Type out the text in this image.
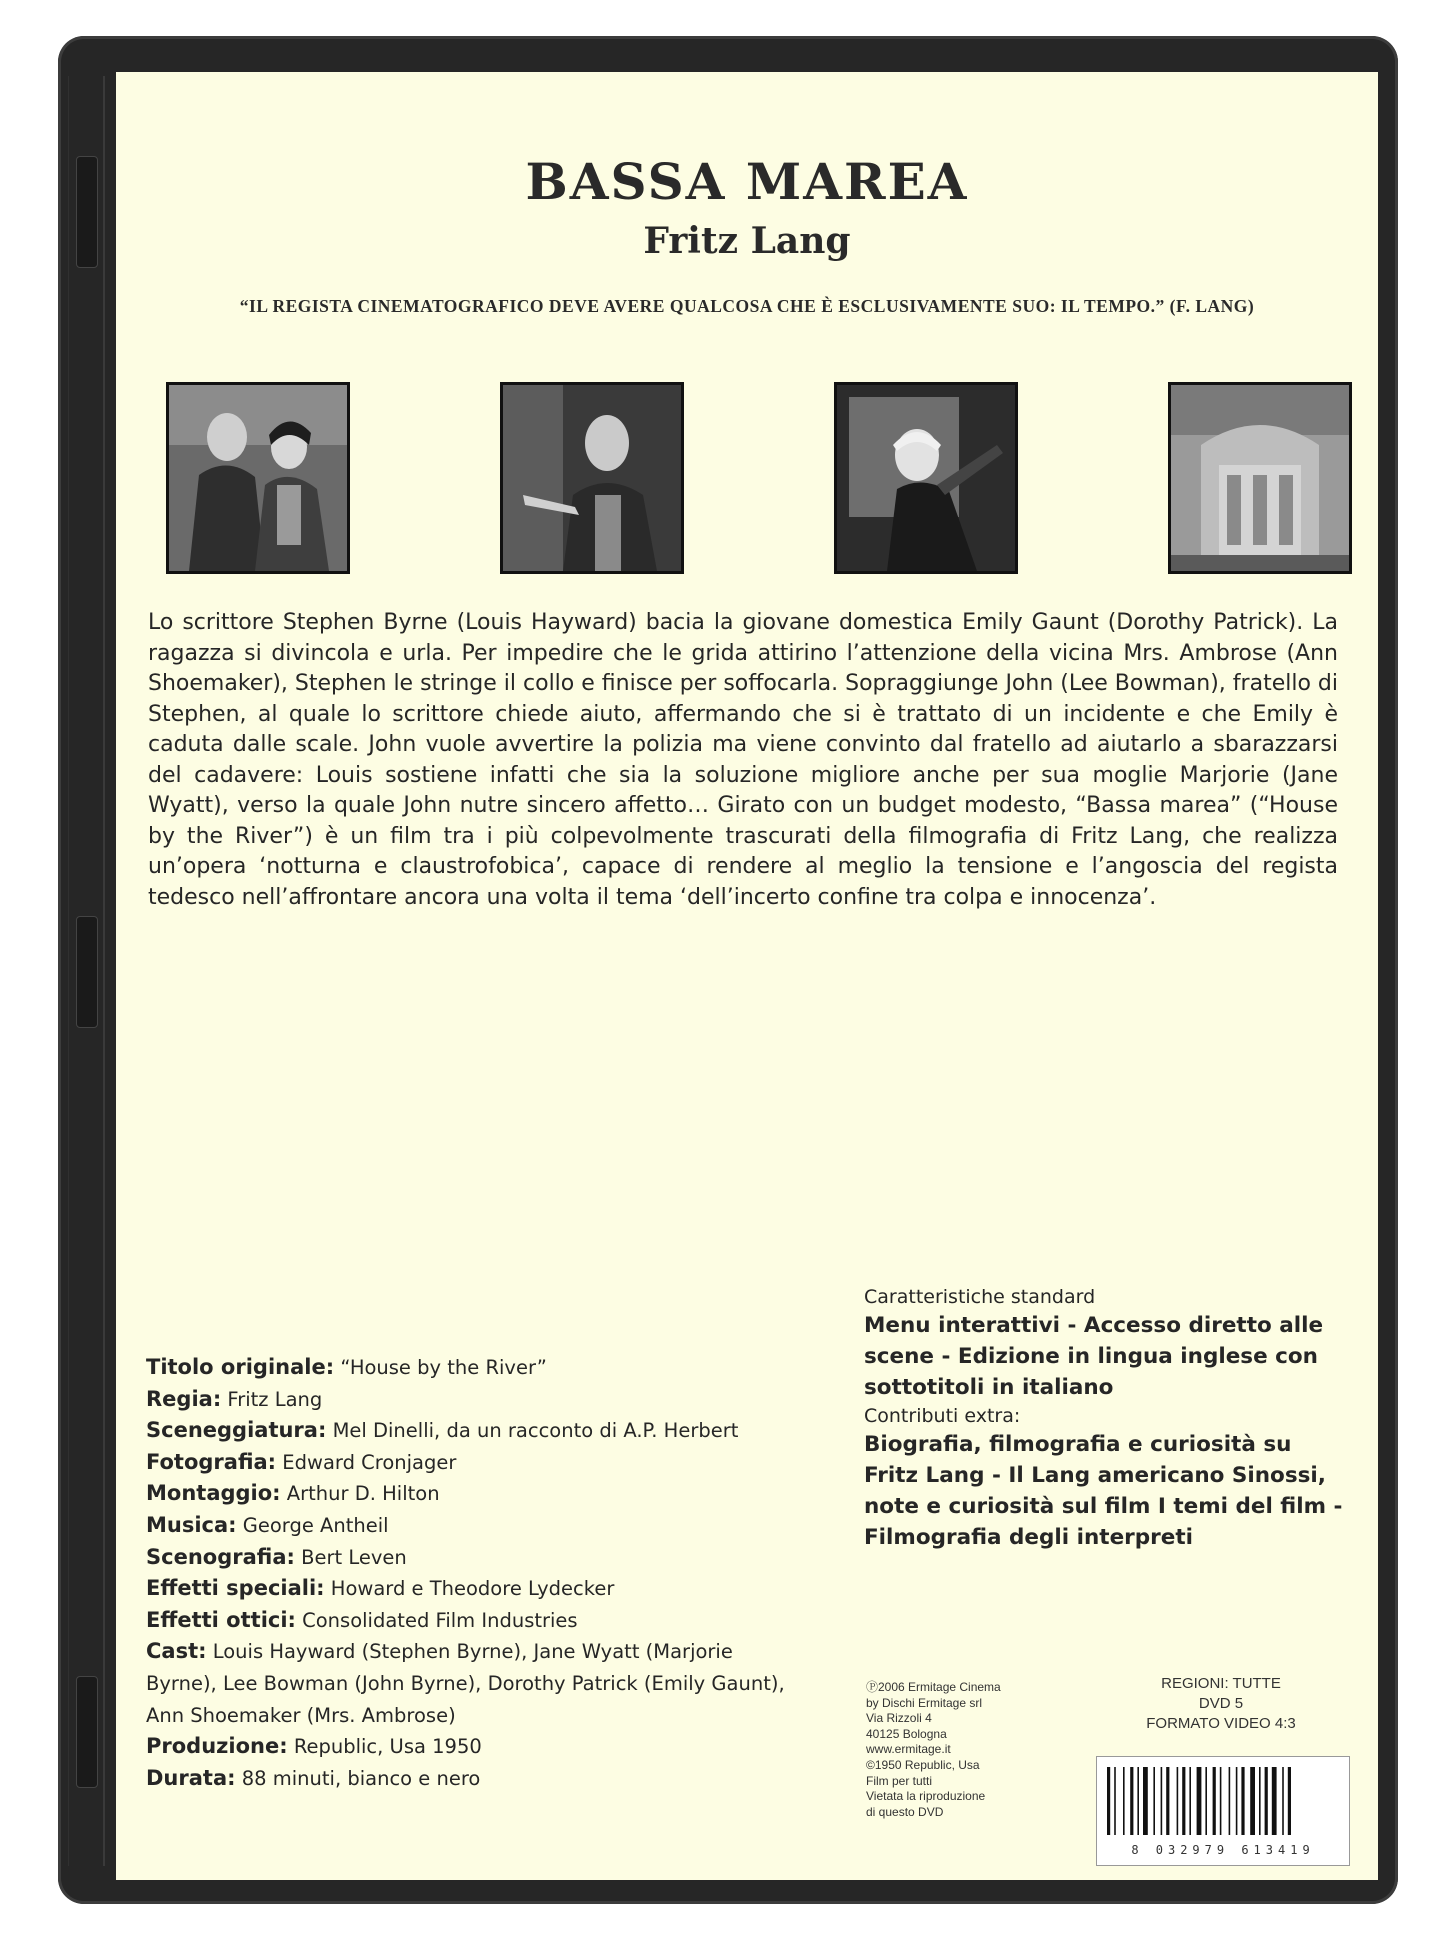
BASSA MAREA
Fritz Lang
“IL REGISTA CINEMATOGRAFICO DEVE AVERE QUALCOSA CHE È ESCLUSIVAMENTE SUO: IL TEMPO.” (F. LANG)
Lo scrittore Stephen Byrne (Louis Hayward) bacia la giovane domestica Emily Gaunt (Dorothy Patrick). La ragazza si divincola e urla. Per impedire che le grida attirino l’attenzione della vicina Mrs. Ambrose (Ann Shoemaker), Stephen le stringe il collo e finisce per soffocarla. Sopraggiunge John (Lee Bowman), fratello di Stephen, al quale lo scrittore chiede aiuto, affermando che si è trattato di un incidente e che Emily è caduta dalle scale. John vuole avvertire la polizia ma viene convinto dal fratello ad aiutarlo a sbarazzarsi del cadavere: Louis sostiene infatti che sia la soluzione migliore anche per sua moglie Marjorie (Jane Wyatt), verso la quale John nutre sincero affetto… Girato con un budget modesto, “Bassa marea” (“House by the River”) è un film tra i più colpevolmente trascurati della filmografia di Fritz Lang, che realizza un’opera ‘notturna e claustrofobica’, capace di rendere al meglio la tensione e l’angoscia del regista tedesco nell’affrontare ancora una volta il tema ‘dell’incerto confine tra colpa e innocenza’.

Titolo originale: “House by the River”

Regia: Fritz Lang

Sceneggiatura: Mel Dinelli, da un racconto di A.P. Herbert

Fotografia: Edward Cronjager

Montaggio: Arthur D. Hilton

Musica: George Antheil

Scenografia: Bert Leven

Effetti speciali: Howard e Theodore Lydecker

Effetti ottici: Consolidated Film Industries

Cast: Louis Hayward (Stephen Byrne), Jane Wyatt (Marjorie Byrne), Lee Bowman (John Byrne), Dorothy Patrick (Emily Gaunt), Ann Shoemaker (Mrs. Ambrose)

Produzione: Republic, Usa 1950

Durata: 88 minuti, bianco e nero

Caratteristiche standard
Menu interattivi - Accesso diretto alle scene - Edizione in lingua inglese con sottotitoli in italiano
Contributi extra:
Biografia, filmografia e curiosità su Fritz Lang - Il Lang americano Sinossi, note e curiosità sul film I temi del film - Filmografia degli interpreti
Ⓟ2006 Ermitage Cinema
by Dischi Ermitage srl
Via Rizzoli 4
40125 Bologna
www.ermitage.it
©1950 Republic, Usa
Film per tutti
Vietata la riproduzione
di questo DVD
REGIONI: TUTTE
DVD 5
FORMATO VIDEO 4:3
8 032979 613419
